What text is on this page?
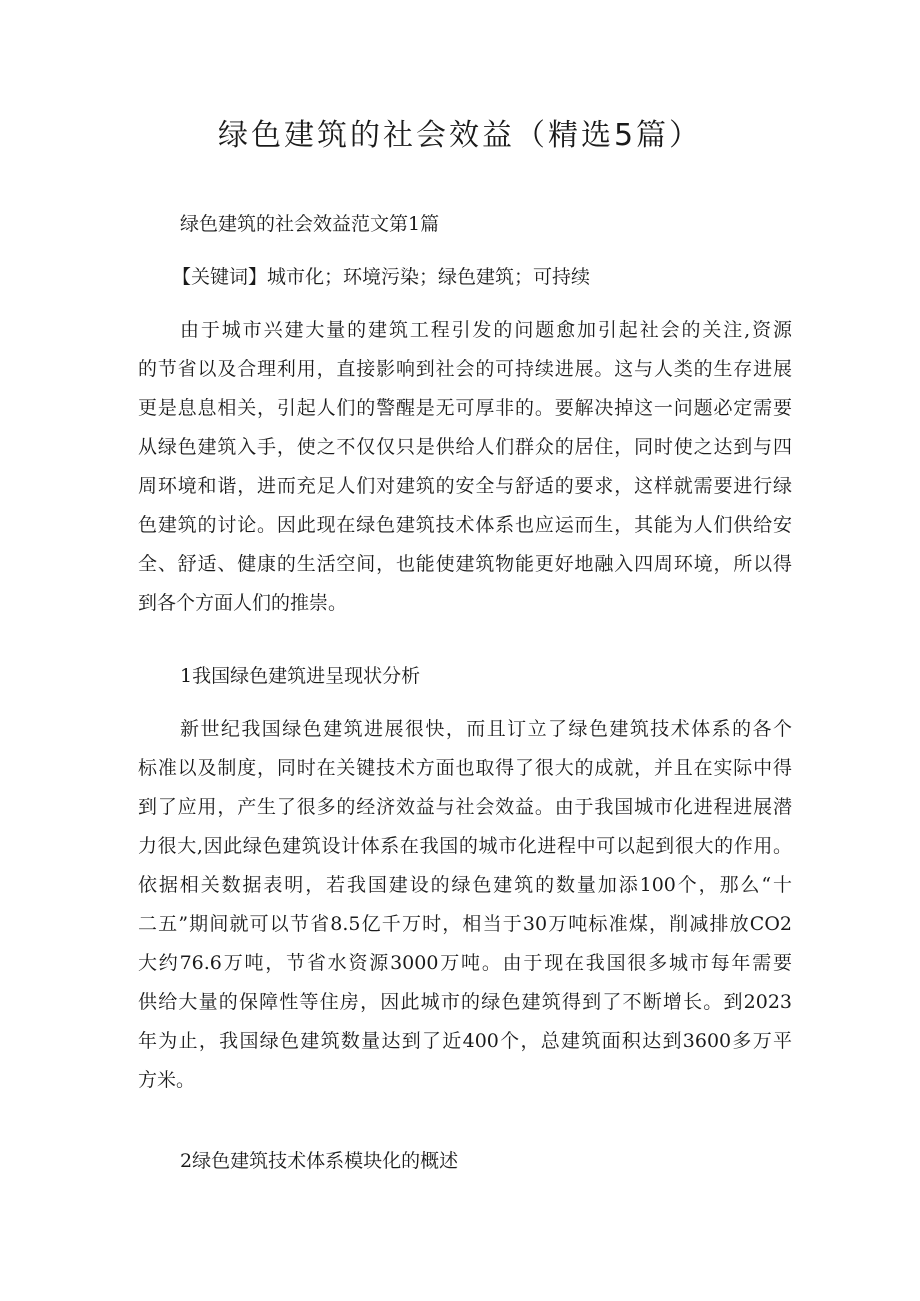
绿色建筑的社会效益（精选5篇）

绿色建筑的社会效益范文第1篇

【关键词】城市化；环境污染；绿色建筑；可持续

由于城市兴建大量的建筑工程引发的问题愈加引起社会的关注,资源

的节省以及合理利用，直接影响到社会的可持续进展。这与人类的生存进展

更是息息相关，引起人们的警醒是无可厚非的。要解决掉这一问题必定需要

从绿色建筑入手，使之不仅仅只是供给人们群众的居住，同时使之达到与四

周环境和谐，进而充足人们对建筑的安全与舒适的要求，这样就需要进行绿

色建筑的讨论。因此现在绿色建筑技术体系也应运而生，其能为人们供给安

全、舒适、健康的生活空间，也能使建筑物能更好地融入四周环境，所以得

到各个方面人们的推崇。

1我国绿色建筑进呈现状分析

新世纪我国绿色建筑进展很快，而且订立了绿色建筑技术体系的各个

标准以及制度，同时在关键技术方面也取得了很大的成就，并且在实际中得

到了应用，产生了很多的经济效益与社会效益。由于我国城市化进程进展潜

力很大,因此绿色建筑设计体系在我国的城市化进程中可以起到很大的作用。

依据相关数据表明，若我国建设的绿色建筑的数量加添100个，那么“十

二五”期间就可以节省8.5亿千万时，相当于30万吨标准煤，削减排放CO2

大约76.6万吨，节省水资源3000万吨。由于现在我国很多城市每年需要

供给大量的保障性等住房，因此城市的绿色建筑得到了不断增长。到2023

年为止，我国绿色建筑数量达到了近400个，总建筑面积达到3600多万平

方米。

2绿色建筑技术体系模块化的概述
